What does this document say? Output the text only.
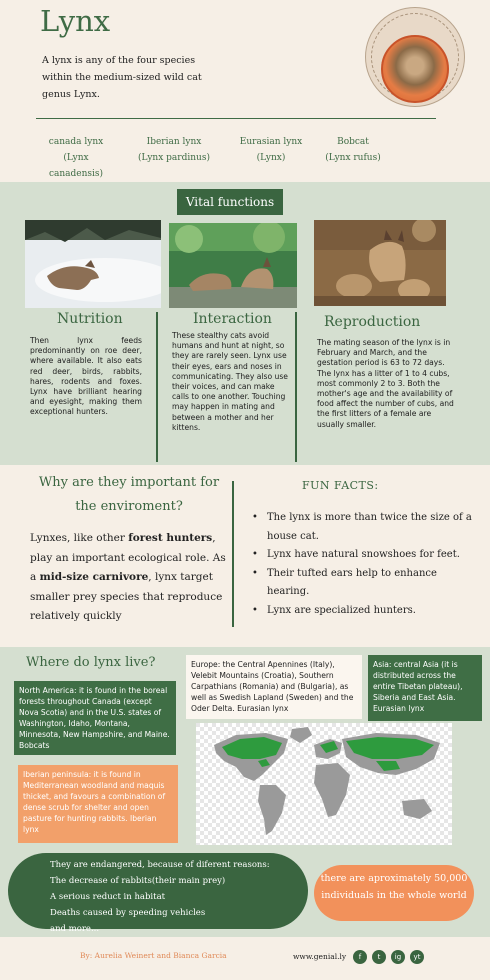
Lynx
A lynx is any of the four species within the medium-sized wild cat genus Lynx.
canada lynx
(Lynx canadensis)
Iberian lynx
(Lynx pardinus)
Eurasian lynx
(Lynx)
Bobcat
(Lynx rufus)
Vital functions
Nutrition
Then lynx feeds predominantly on roe deer, where available. It also eats red deer, birds, rabbits, hares, rodents and foxes. Lynx have brilliant hearing and eyesight, making them exceptional hunters.
Interaction
These stealthy cats avoid humans and hunt at night, so they are rarely seen. Lynx use their eyes, ears and noses in communicating. They also use their voices, and can make calls to one another. Touching may happen in mating and between a mother and her kittens.
Reproduction
The mating season of the lynx is in February and March, and the gestation period is 63 to 72 days. The lynx has a litter of 1 to 4 cubs, most commonly 2 to 3. Both the mother's age and the availability of food affect the number of cubs, and the first litters of a female are usually smaller.
Why are they important for the enviroment?
Lynxes, like other forest hunters, play an important ecological role. As a mid-size carnivore, lynx target smaller prey species that reproduce relatively quickly
FUN FACTS:
• The lynx is more than twice the size of a house cat.
• Lynx have natural snowshoes for feet.
• Their tufted ears help to enhance hearing.
• Lynx are specialized hunters.
Where do lynx live?
North America: it is found in the boreal forests throughout Canada (except Nova Scotia) and in the U.S. states of Washington, Idaho, Montana, Minnesota, New Hampshire, and Maine. Bobcats
Europe: the Central Apennines (Italy), Velebit Mountains (Croatia), Southern Carpathians (Romania) and (Bulgaria), as well as Swedish Lapland (Sweden) and the Oder Delta. Eurasian lynx
Asia: central Asia (it is distributed across the entire Tibetan plateau), Siberia and East Asia. Eurasian lynx
Iberian peninsula: it is found in Mediterranean woodland and maquis thicket, and favours a combination of dense scrub for shelter and open pasture for hunting rabbits. Iberian lynx
They are endangered, because of diferent reasons:
The decrease of rabbits(their main prey)
A serious reduct in habitat
Deaths caused by speeding vehicles
and more...
there are aproximately 50,000 individuals in the whole world
By: Aurelia Weinert and Bianca Garcia	www.genial.ly	f	t	ig	yt
